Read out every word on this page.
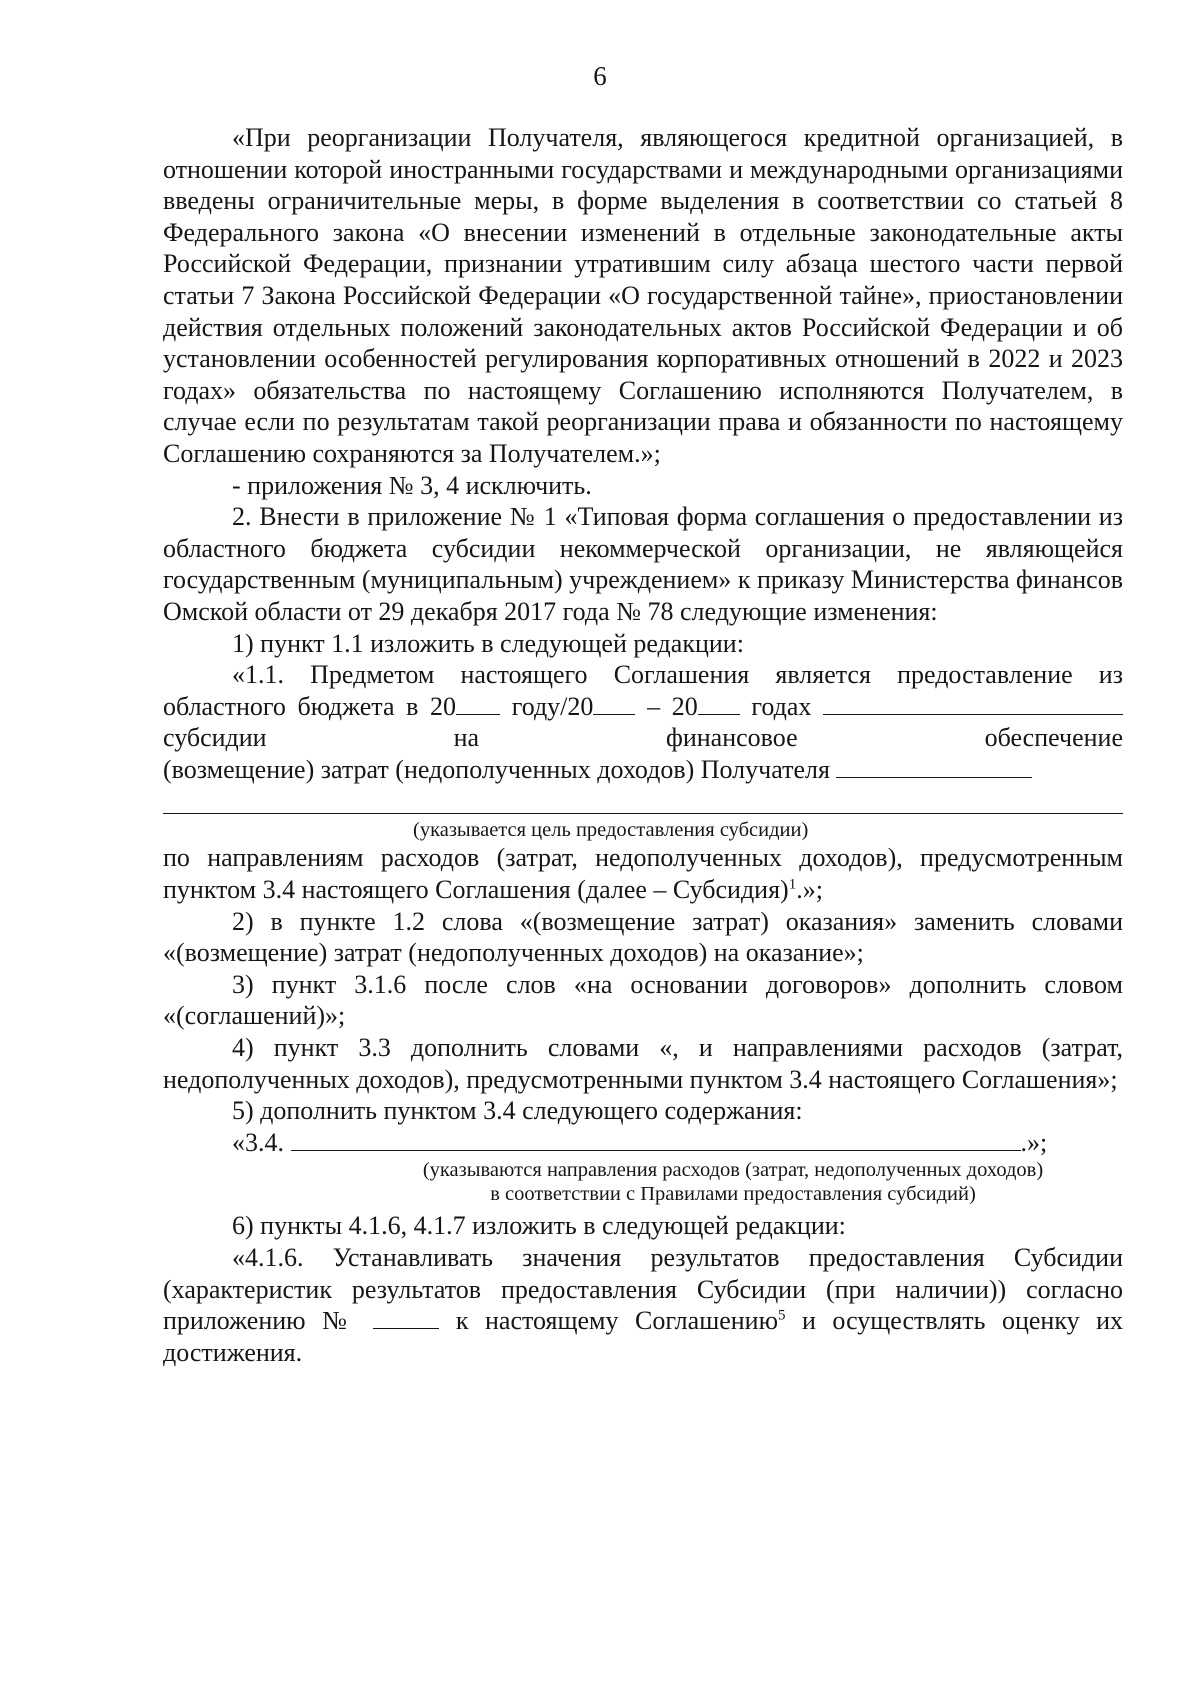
6

«При реорганизации Получателя, являющегося кредитной организацией, в отношении которой иностранными государствами и международными организациями введены ограничительные меры, в форме выделения в соответствии со статьей 8 Федерального закона «О внесении изменений в отдельные законодательные акты Российской Федерации, признании утратившим силу абзаца шестого части первой статьи 7 Закона Российской Федерации «О государственной тайне», приостановлении действия отдельных положений законодательных актов Российской Федерации и об установлении особенностей регулирования корпоративных отношений в 2022 и 2023 годах» обязательства по настоящему Соглашению исполняются Получателем, в случае если по результатам такой реорганизации права и обязанности по настоящему Соглашению сохраняются за Получателем.»;

- приложения № 3, 4 исключить.

2. Внести в приложение № 1 «Типовая форма соглашения о предоставлении из областного бюджета субсидии некоммерческой организации, не являющейся государственным (муниципальным) учреждением» к приказу Министерства финансов Омской области от 29 декабря 2017 года № 78 следующие изменения:

1) пункт 1.1 изложить в следующей редакции:

«1.1. Предметом настоящего Соглашения является предоставление из областного бюджета в 20 году/20 – 20 годах  субсидии на финансовое обеспечение

(возмещение) затрат (недополученных доходов) Получателя

(указывается цель предоставления субсидии)

по направлениям расходов (затрат, недополученных доходов), предусмотренным пунктом 3.4 настоящего Соглашения (далее – Субсидия)$^1$.»;

2) в пункте 1.2 слова «(возмещение затрат) оказания» заменить словами «(возмещение) затрат (недополученных доходов) на оказание»;

3) пункт 3.1.6 после слов «на основании договоров» дополнить словом «(соглашений)»;

4) пункт 3.3 дополнить словами «, и направлениями расходов (затрат, недополученных доходов), предусмотренными пунктом 3.4 настоящего Соглашения»;

5) дополнить пунктом 3.4 следующего содержания:

«3.4.	.»;

(указываются направления расходов (затрат, недополученных доходов)
в соответствии с Правилами предоставления субсидий)

6) пункты 4.1.6, 4.1.7 изложить в следующей редакции:

«4.1.6. Устанавливать значения результатов предоставления Субсидии (характеристик результатов предоставления Субсидии (при наличии)) согласно приложению №	к настоящему Соглашению$^5$ и осуществлять оценку их достижения.
